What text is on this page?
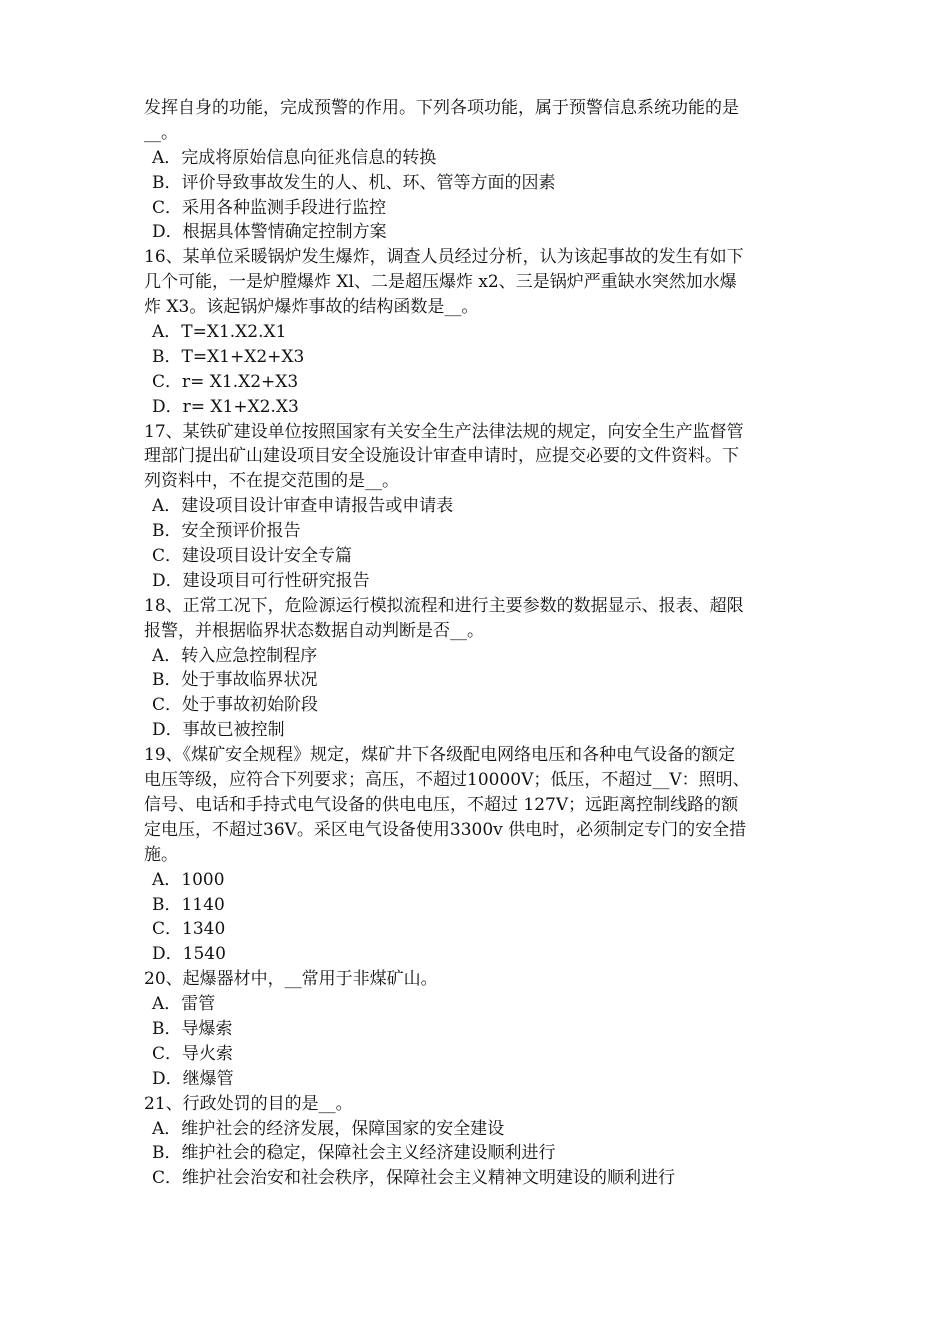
发挥自身的功能，完成预警的作用。下列各项功能，属于预警信息系统功能的是
__。
A．完成将原始信息向征兆信息的转换
B．评价导致事故发生的人、机、环、管等方面的因素
C．采用各种监测手段进行监控
D．根据具体警情确定控制方案
16、某单位采暖锅炉发生爆炸，调查人员经过分析，认为该起事故的发生有如下
几个可能，一是炉膛爆炸 Xl、二是超压爆炸 x2、三是锅炉严重缺水突然加水爆
炸 X3。该起锅炉爆炸事故的结构函数是__。
A．T=X1.X2.X1
B．T=X1+X2+X3
C．r= X1.X2+X3
D．r= X1+X2.X3
17、某铁矿建设单位按照国家有关安全生产法律法规的规定，向安全生产监督管
理部门提出矿山建设项目安全设施设计审查申请时，应提交必要的文件资料。下
列资料中，不在提交范围的是__。
A．建设项目设计审查申请报告或申请表
B．安全预评价报告
C．建设项目设计安全专篇
D．建设项目可行性研究报告
18、正常工况下，危险源运行模拟流程和进行主要参数的数据显示、报表、超限
报警，并根据临界状态数据自动判断是否__。
A．转入应急控制程序
B．处于事故临界状况
C．处于事故初始阶段
D．事故已被控制
19、《煤矿安全规程》规定，煤矿井下各级配电网络电压和各种电气设备的额定
电压等级，应符合下列要求；高压，不超过10000V；低压，不超过__V：照明、
信号、电话和手持式电气设备的供电电压，不超过 127V；远距离控制线路的额
定电压，不超过36V。采区电气设备使用3300v 供电时，必须制定专门的安全措
施。
A．1000
B．1140
C．1340
D．1540
20、起爆器材中，__常用于非煤矿山。
A．雷管
B．导爆索
C．导火索
D．继爆管
21、行政处罚的目的是__。
A．维护社会的经济发展，保障国家的安全建设
B．维护社会的稳定，保障社会主义经济建设顺利进行
C．维护社会治安和社会秩序，保障社会主义精神文明建设的顺利进行
